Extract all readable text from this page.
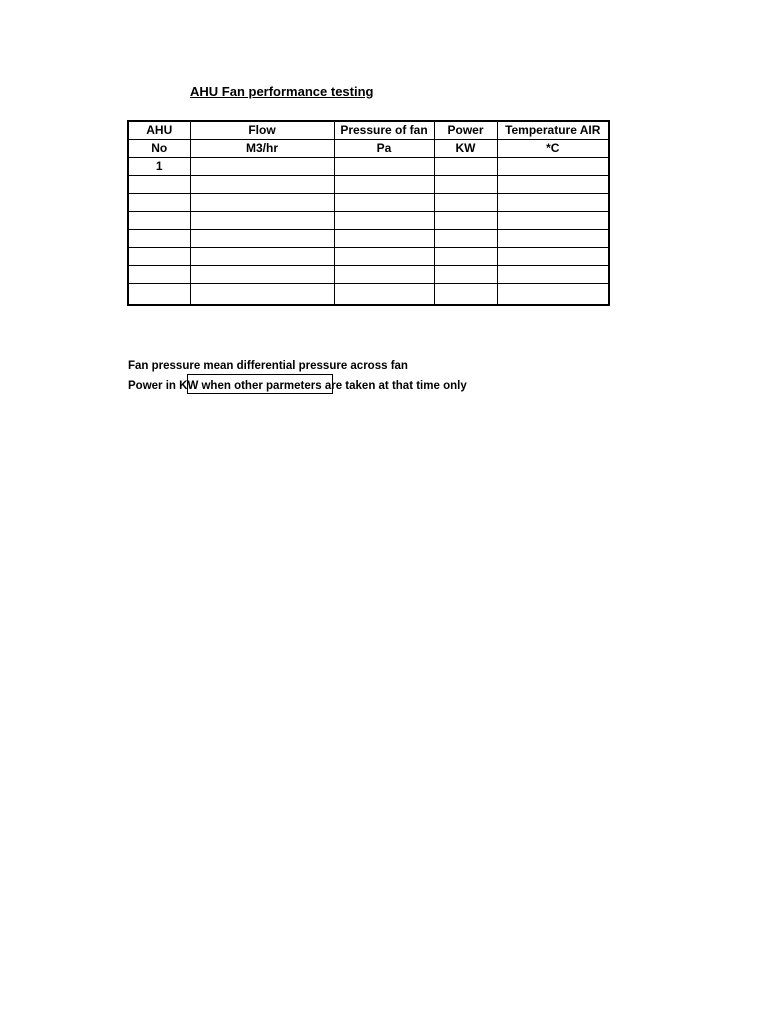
AHU Fan performance testing
AHU	Flow	Pressure of fan	Power	Temperature AIR
No	M3/hr	Pa	KW	*C
1				

Fan pressure mean differential pressure across fan
Power in KW when other parmeters are taken at that time only
